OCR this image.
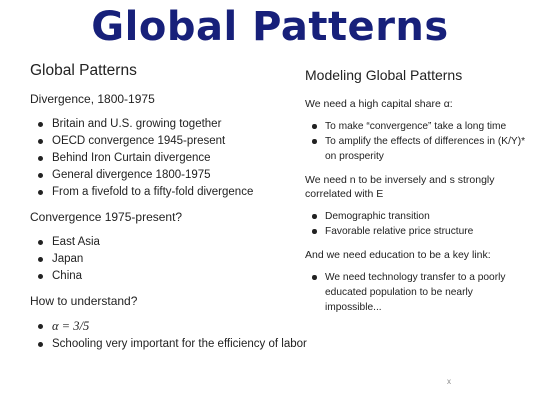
Global Patterns
Global Patterns

Divergence, 1800-1975

Britain and U.S. growing together
OECD convergence 1945-present
Behind Iron Curtain divergence
General divergence 1800-1975
From a fivefold to a fifty-fold divergence

Convergence 1975-present?

East Asia
Japan
China

How to understand?

α = 3/5
Schooling very important for the efficiency of labor
Modeling Global Patterns

We need a high capital share α:

To make “convergence” take a long time
To amplify the effects of differences in (K/Y)* on prosperity

We need n to be inversely and s strongly correlated with E

Demographic transition
Favorable relative price structure

And we need education to be a key link:

We need technology transfer to a poorly educated population to be nearly impossible...
x
